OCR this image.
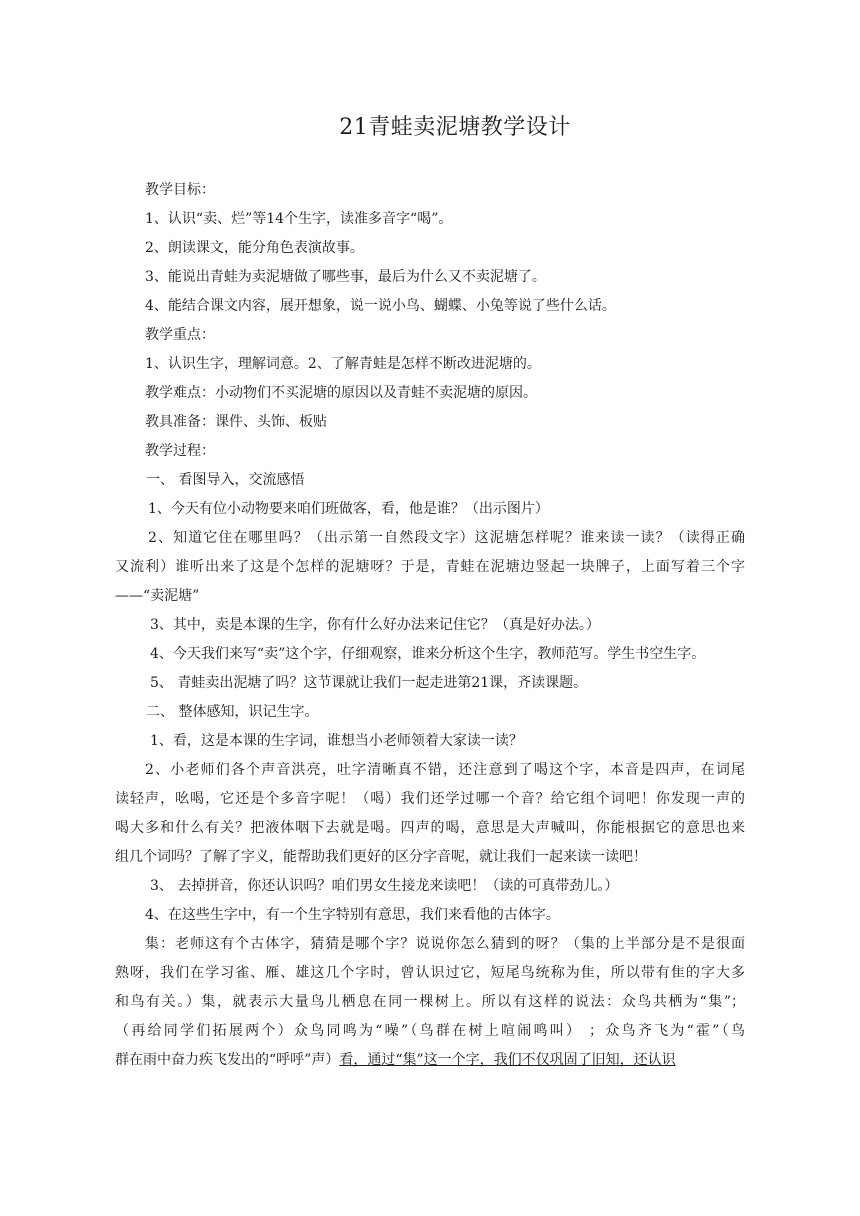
21青蛙卖泥塘教学设计
教学目标：
1、认识“卖、烂”等14个生字，读准多音字“喝”。
2、朗读课文，能分角色表演故事。
3、能说出青蛙为卖泥塘做了哪些事，最后为什么又不卖泥塘了。
4、能结合课文内容，展开想象，说一说小鸟、蝴蝶、小兔等说了些什么话。
教学重点：
1、认识生字，理解词意。2、了解青蛙是怎样不断改进泥塘的。
教学难点：小动物们不买泥塘的原因以及青蛙不卖泥塘的原因。
教具准备：课件、头饰、板贴
教学过程：
一、 看图导入，交流感悟
1、今天有位小动物要来咱们班做客，看，他是谁？（出示图片）
2、知道它住在哪里吗？（出示第一自然段文字）这泥塘怎样呢？谁来读一读？（读得正确
又流利）谁听出来了这是个怎样的泥塘呀？于是，青蛙在泥塘边竖起一块牌子，上面写着三个字
——“卖泥塘”
3、其中，卖是本课的生字，你有什么好办法来记住它？（真是好办法。）
4、今天我们来写“卖”这个字，仔细观察，谁来分析这个生字，教师范写。学生书空生字。
5、 青蛙卖出泥塘了吗？这节课就让我们一起走进第21课，齐读课题。
二、 整体感知，识记生字。
1、看，这是本课的生字词，谁想当小老师领着大家读一读？
2、小老师们各个声音洪亮，吐字清晰真不错，还注意到了喝这个字，本音是四声，在词尾
读轻声，吆喝，它还是个多音字呢！（喝）我们还学过哪一个音？给它组个词吧！你发现一声的
喝大多和什么有关？把液体咽下去就是喝。四声的喝，意思是大声喊叫，你能根据它的意思也来
组几个词吗？了解了字义，能帮助我们更好的区分字音呢，就让我们一起来读一读吧！
3、 去掉拼音，你还认识吗？咱们男女生接龙来读吧！（读的可真带劲儿。）
4、在这些生字中，有一个生字特别有意思，我们来看他的古体字。
集：老师这有个古体字，猜猜是哪个字？说说你怎么猜到的呀？（集的上半部分是不是很面
熟呀，我们在学习雀、雁、雄这几个字时，曾认识过它，短尾鸟统称为隹，所以带有隹的字大多
和鸟有关。）集，就表示大量鸟儿栖息在同一棵树上。所以有这样的说法：众鸟共栖为“集”；
（再给同学们拓展两个）众鸟同鸣为“噪”（鸟群在树上喧闹鸣叫） ；众鸟齐飞为“霍”（鸟
群在雨中奋力疾飞发出的“呼呼”声）看，通过“集”这一个字，我们不仅巩固了旧知，还认识
